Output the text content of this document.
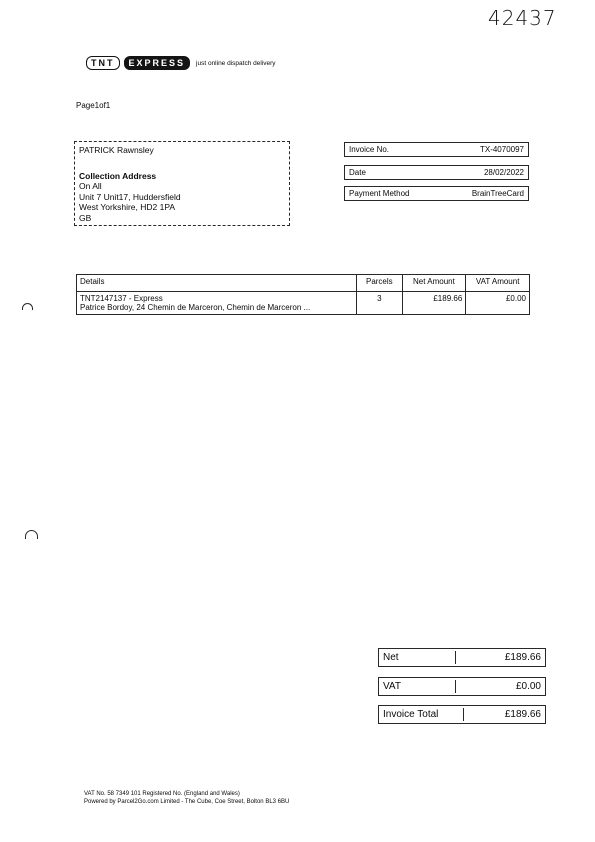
42437
TNT	EXPRESS	just online dispatch delivery
Page1of1
PATRICK Rawnsley
Collection Address
On All
Unit 7 Unit17, Huddersfield
West Yorkshire, HD2 1PA
GB
Invoice No.	TX-4070097
Date	28/02/2022
Payment Method	BrainTreeCard
Details	Parcels	Net Amount	VAT Amount

TNT2147137 - Express
Patrice Bordoy, 24 Chemin de Marceron, Chemin de Marceron ...	3	£189.66	£0.00
Net	£189.66
VAT	£0.00
Invoice Total	£189.66
VAT No. 58 7349 101 Registered No. (England and Wales)
Powered by Parcel2Go.com Limited - The Cube, Coe Street, Bolton BL3 6BU
